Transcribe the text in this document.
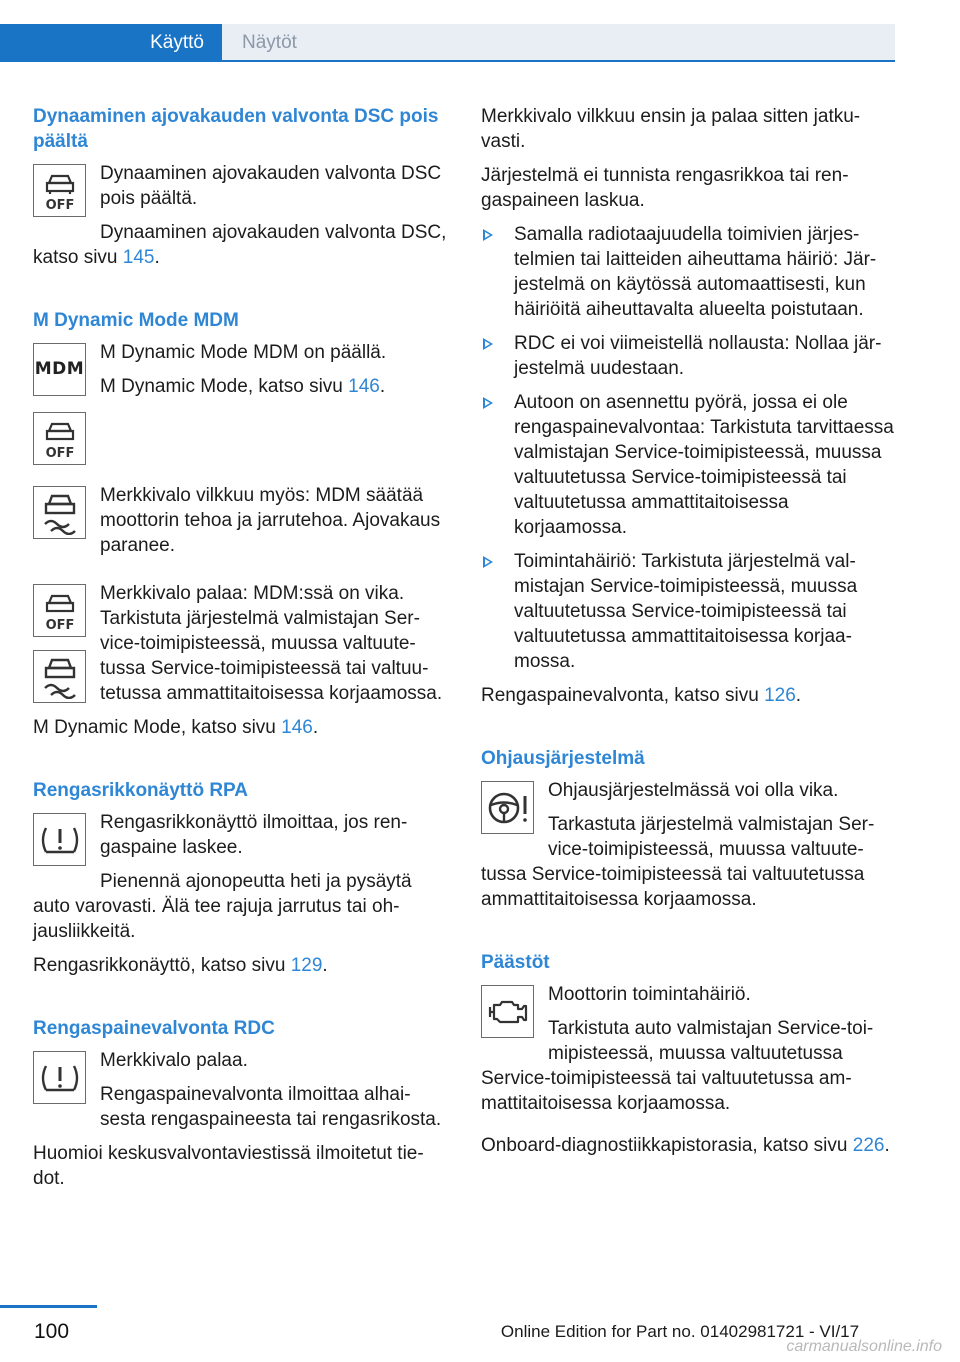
Käyttö	Näytöt
Dynaaminen ajovakauden valvonta DSC pois päältä
OFF
Dynaaminen ajovakauden valvonta DSC pois päältä.
Dynaaminen ajovakauden valvonta DSC, katso sivu 145.
M Dynamic Mode MDM
MDM
M Dynamic Mode MDM on päällä.
M Dynamic Mode, katso sivu 146.
OFF
Merkkivalo vilkkuu myös: MDM säätää moottorin tehoa ja jarrutehoa. Ajovakaus paranee.
OFF
Merkkivalo palaa: MDM:ssä on vika. Tarkistuta järjestelmä valmistajan Service-toimipisteessä, muussa valtuutetussa Service-toimipisteessä tai valtuutetussa ammattitaitoisessa korjaamossa.
M Dynamic Mode, katso sivu 146.
Rengasrikkonäyttö RPA
Rengasrikkonäyttö ilmoittaa, jos rengaspaine laskee.
Pienennä ajonopeutta heti ja pysäytä auto varovasti. Älä tee rajuja jarrutus tai ohjausliikkeitä.
Rengasrikkonäyttö, katso sivu 129.
Rengaspainevalvonta RDC
Merkkivalo palaa.
Rengaspainevalvonta ilmoittaa alhaisesta rengaspaineesta tai rengasrikosta.
Huomioi keskusvalvontaviestissä ilmoitetut tiedot.
Merkkivalo vilkkuu ensin ja palaa sitten jatkuvasti.
Järjestelmä ei tunnista rengasrikkoa tai rengaspaineen laskua.
Samalla radiotaajuudella toimivien järjestelmien tai laitteiden aiheuttama häiriö: Järjestelmä on käytössä automaattisesti, kun häiriöitä aiheuttavalta alueelta poistutaan.
RDC ei voi viimeistellä nollausta: Nollaa järjestelmä uudestaan.
Autoon on asennettu pyörä, jossa ei ole rengaspainevalvontaa: Tarkistuta tarvittaessa valmistajan Service-toimipisteessä, muussa valtuutetussa Service-toimipisteessä tai valtuutetussa ammattitaitoisessa korjaamossa.
Toimintahäiriö: Tarkistuta järjestelmä valmistajan Service-toimipisteessä, muussa valtuutetussa Service-toimipisteessä tai valtuutetussa ammattitaitoisessa korjaamossa.
Rengaspainevalvonta, katso sivu 126.
Ohjausjärjestelmä
Ohjausjärjestelmässä voi olla vika.
Tarkastuta järjestelmä valmistajan Service-toimipisteessä, muussa valtuutetussa Service-toimipisteessä tai valtuutetussa ammattitaitoisessa korjaamossa.
Päästöt
Moottorin toimintahäiriö.
Tarkistuta auto valmistajan Service-toimipisteessä, muussa valtuutetussa Service-toimipisteessä tai valtuutetussa ammattitaitoisessa korjaamossa.
Onboard-diagnostiikkapistorasia, katso sivu 226.
100	Online Edition for Part no. 01402981721 - VI/17
carmanualsonline.info
